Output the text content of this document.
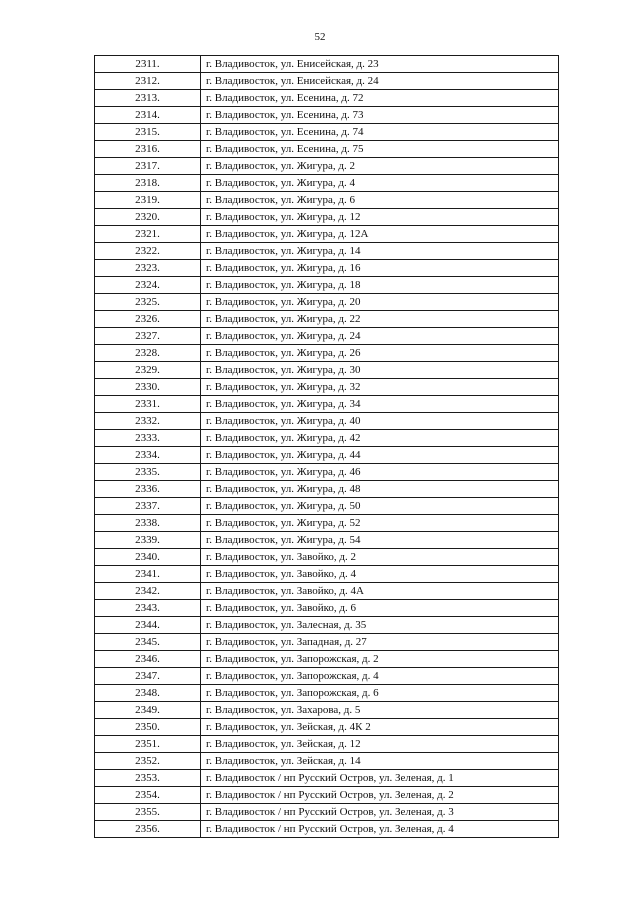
52
2311.	г. Владивосток, ул. Енисейская, д. 23
2312.	г. Владивосток, ул. Енисейская, д. 24
2313.	г. Владивосток, ул. Есенина, д. 72
2314.	г. Владивосток, ул. Есенина, д. 73
2315.	г. Владивосток, ул. Есенина, д. 74
2316.	г. Владивосток, ул. Есенина, д. 75
2317.	г. Владивосток, ул. Жигура, д. 2
2318.	г. Владивосток, ул. Жигура, д. 4
2319.	г. Владивосток, ул. Жигура, д. 6
2320.	г. Владивосток, ул. Жигура, д. 12
2321.	г. Владивосток, ул. Жигура, д. 12А
2322.	г. Владивосток, ул. Жигура, д. 14
2323.	г. Владивосток, ул. Жигура, д. 16
2324.	г. Владивосток, ул. Жигура, д. 18
2325.	г. Владивосток, ул. Жигура, д. 20
2326.	г. Владивосток, ул. Жигура, д. 22
2327.	г. Владивосток, ул. Жигура, д. 24
2328.	г. Владивосток, ул. Жигура, д. 26
2329.	г. Владивосток, ул. Жигура, д. 30
2330.	г. Владивосток, ул. Жигура, д. 32
2331.	г. Владивосток, ул. Жигура, д. 34
2332.	г. Владивосток, ул. Жигура, д. 40
2333.	г. Владивосток, ул. Жигура, д. 42
2334.	г. Владивосток, ул. Жигура, д. 44
2335.	г. Владивосток, ул. Жигура, д. 46
2336.	г. Владивосток, ул. Жигура, д. 48
2337.	г. Владивосток, ул. Жигура, д. 50
2338.	г. Владивосток, ул. Жигура, д. 52
2339.	г. Владивосток, ул. Жигура, д. 54
2340.	г. Владивосток, ул. Завойко, д. 2
2341.	г. Владивосток, ул. Завойко, д. 4
2342.	г. Владивосток, ул. Завойко, д. 4А
2343.	г. Владивосток, ул. Завойко, д. 6
2344.	г. Владивосток, ул. Залесная, д. 35
2345.	г. Владивосток, ул. Западная, д. 27
2346.	г. Владивосток, ул. Запорожская, д. 2
2347.	г. Владивосток, ул. Запорожская, д. 4
2348.	г. Владивосток, ул. Запорожская, д. 6
2349.	г. Владивосток, ул. Захарова, д. 5
2350.	г. Владивосток, ул. Зейская, д. 4К 2
2351.	г. Владивосток, ул. Зейская, д. 12
2352.	г. Владивосток, ул. Зейская, д. 14
2353.	г. Владивосток / нп Русский Остров, ул. Зеленая, д. 1
2354.	г. Владивосток / нп Русский Остров, ул. Зеленая, д. 2
2355.	г. Владивосток / нп Русский Остров, ул. Зеленая, д. 3
2356.	г. Владивосток / нп Русский Остров, ул. Зеленая, д. 4
